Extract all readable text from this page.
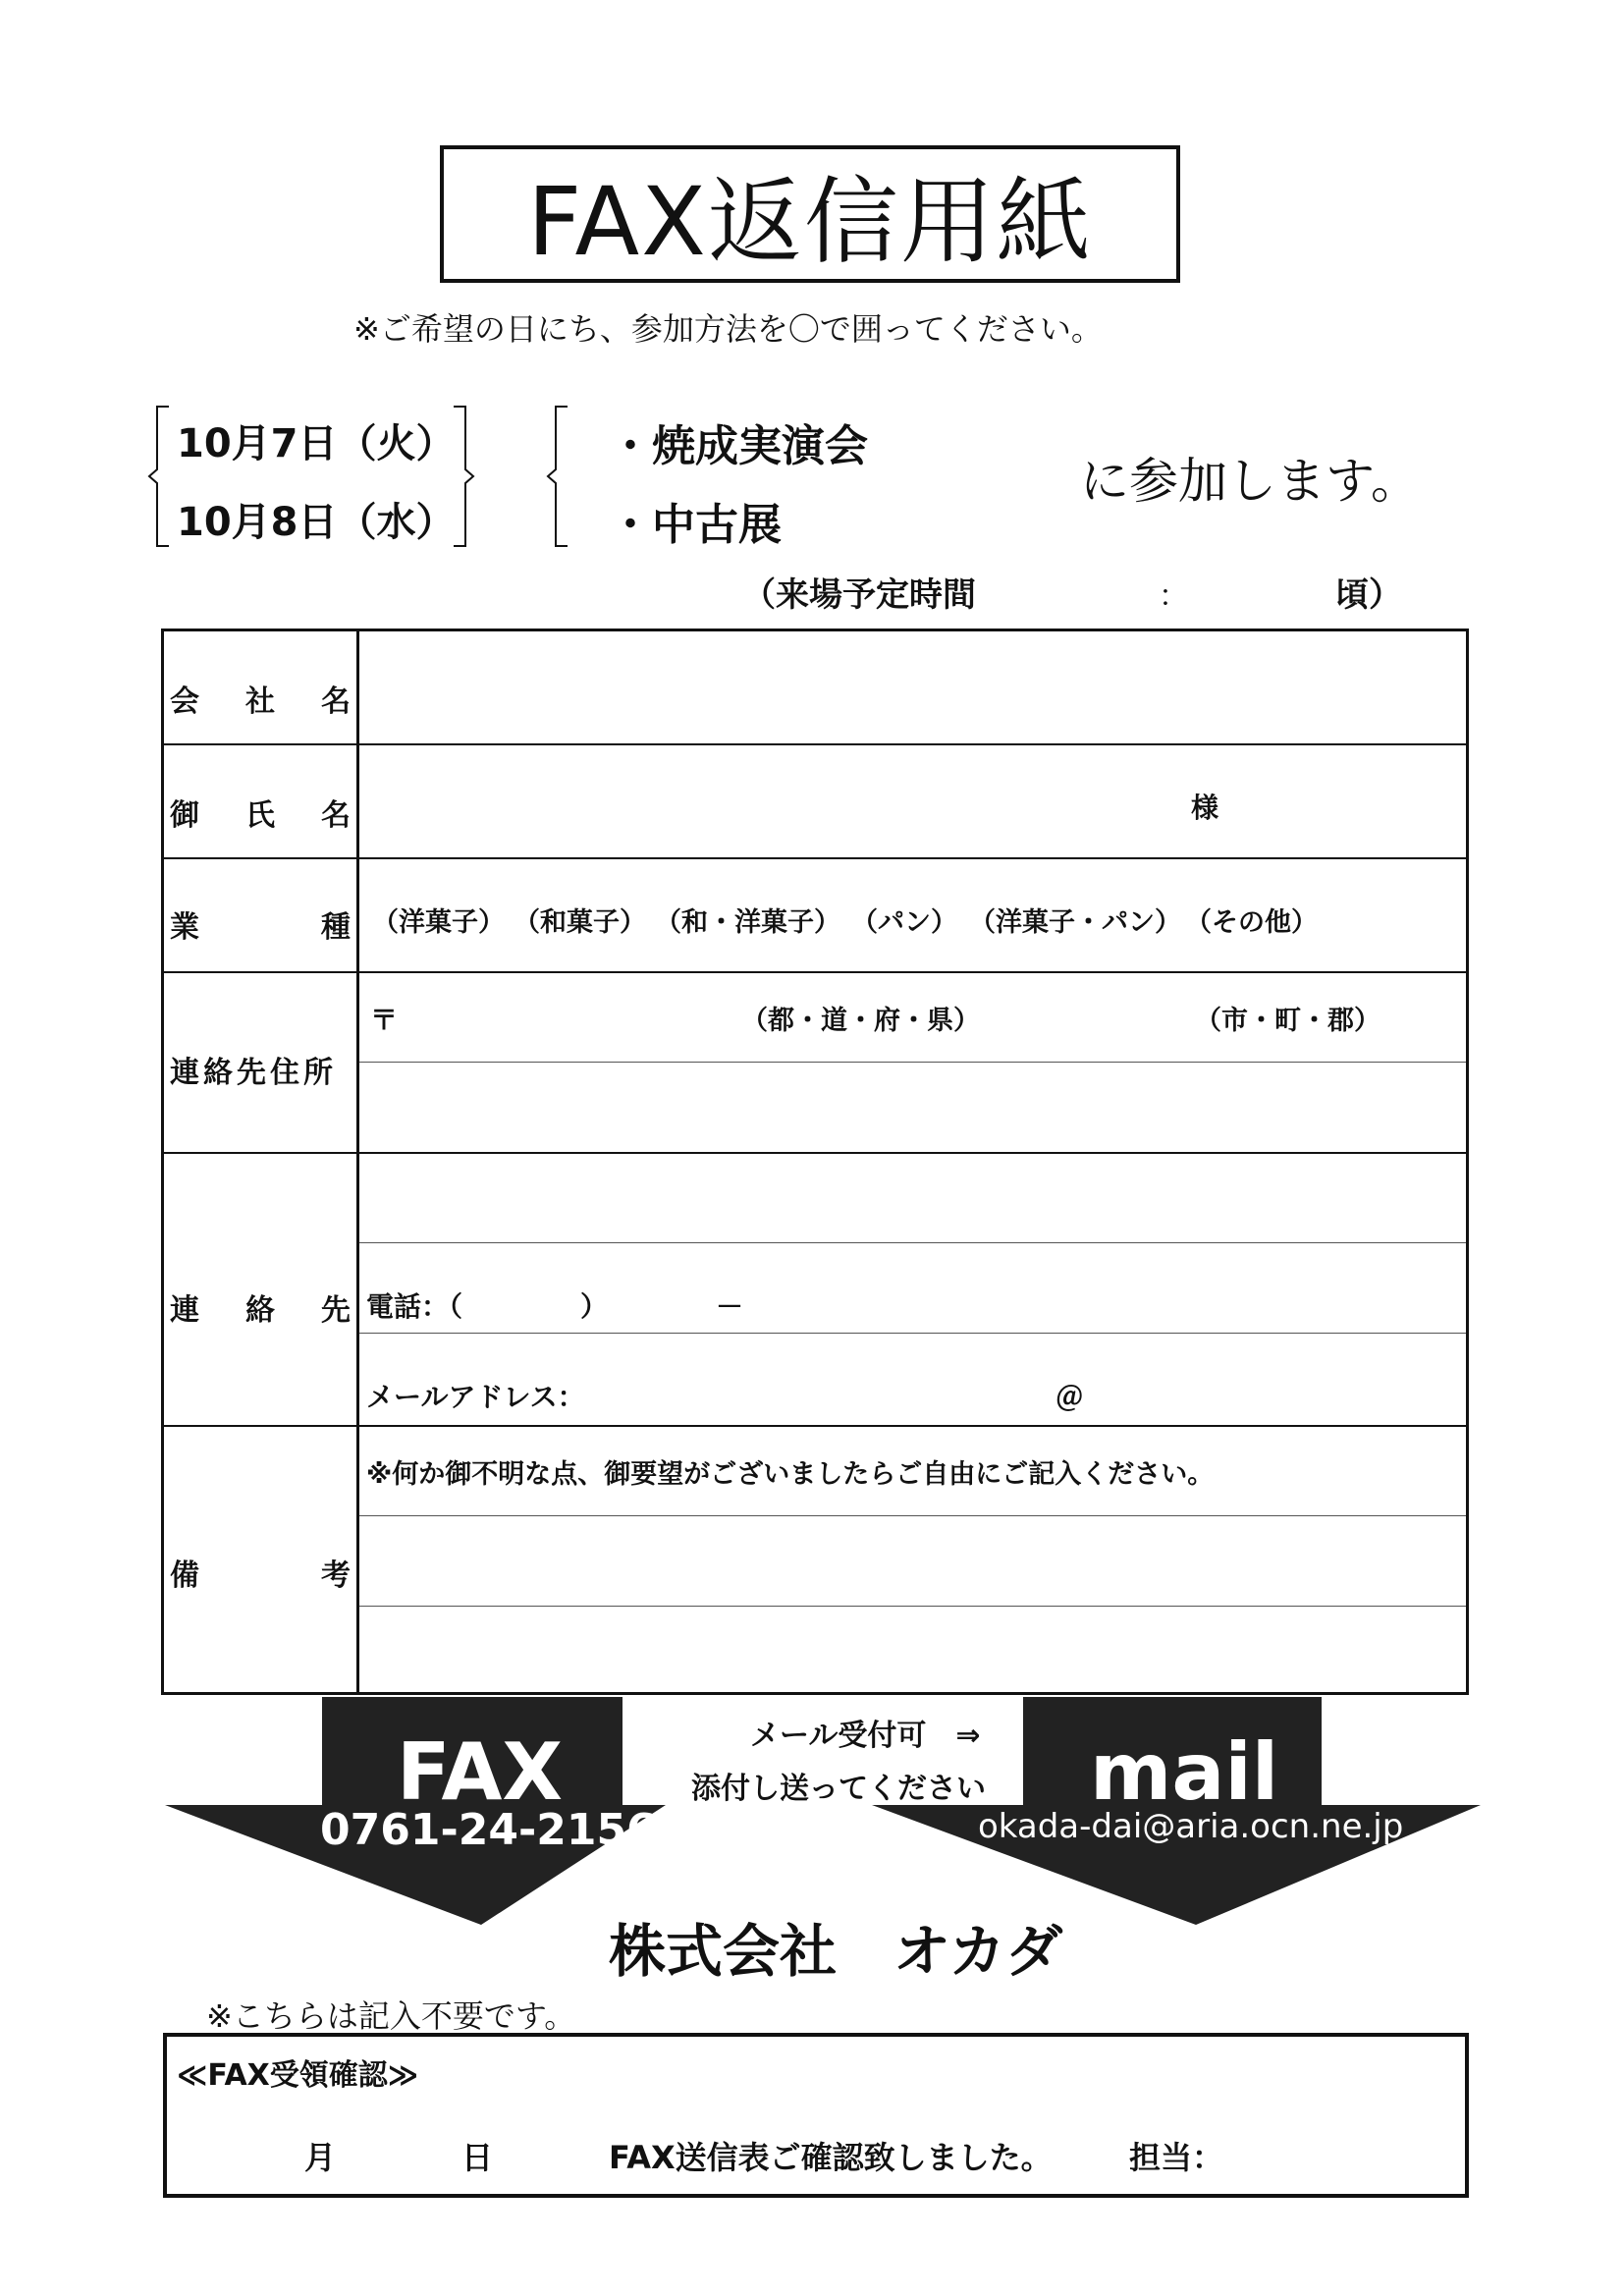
FAX返信用紙
※ご希望の日にち、参加方法を〇で囲ってください。
10月7日（火）
10月8日（水）
・焼成実演会
・中古展
に参加します。
（来場予定時間	：	頃）
会 社 名
御 氏 名	様
業	種 （洋菓子） （和菓子） （和・洋菓子） （パン） （洋菓子・パン） （その他）
連絡先住所
〒	（都・道・府・県）	（市・町・郡）
連 絡 先 電話：（	）	－
メールアドレス：	＠
備	考
※何か御不明な点、御要望がございましたらご自由にご記入ください。
FAX
0761-24-2156
mail
okada-dai@aria.ocn.ne.jp
メール受付可　⇒
添付し送ってください
株式会社　オカダ
※こちらは記入不要です。
≪FAX受領確認≫
月	日	FAX送信表ご確認致しました。 担当：
